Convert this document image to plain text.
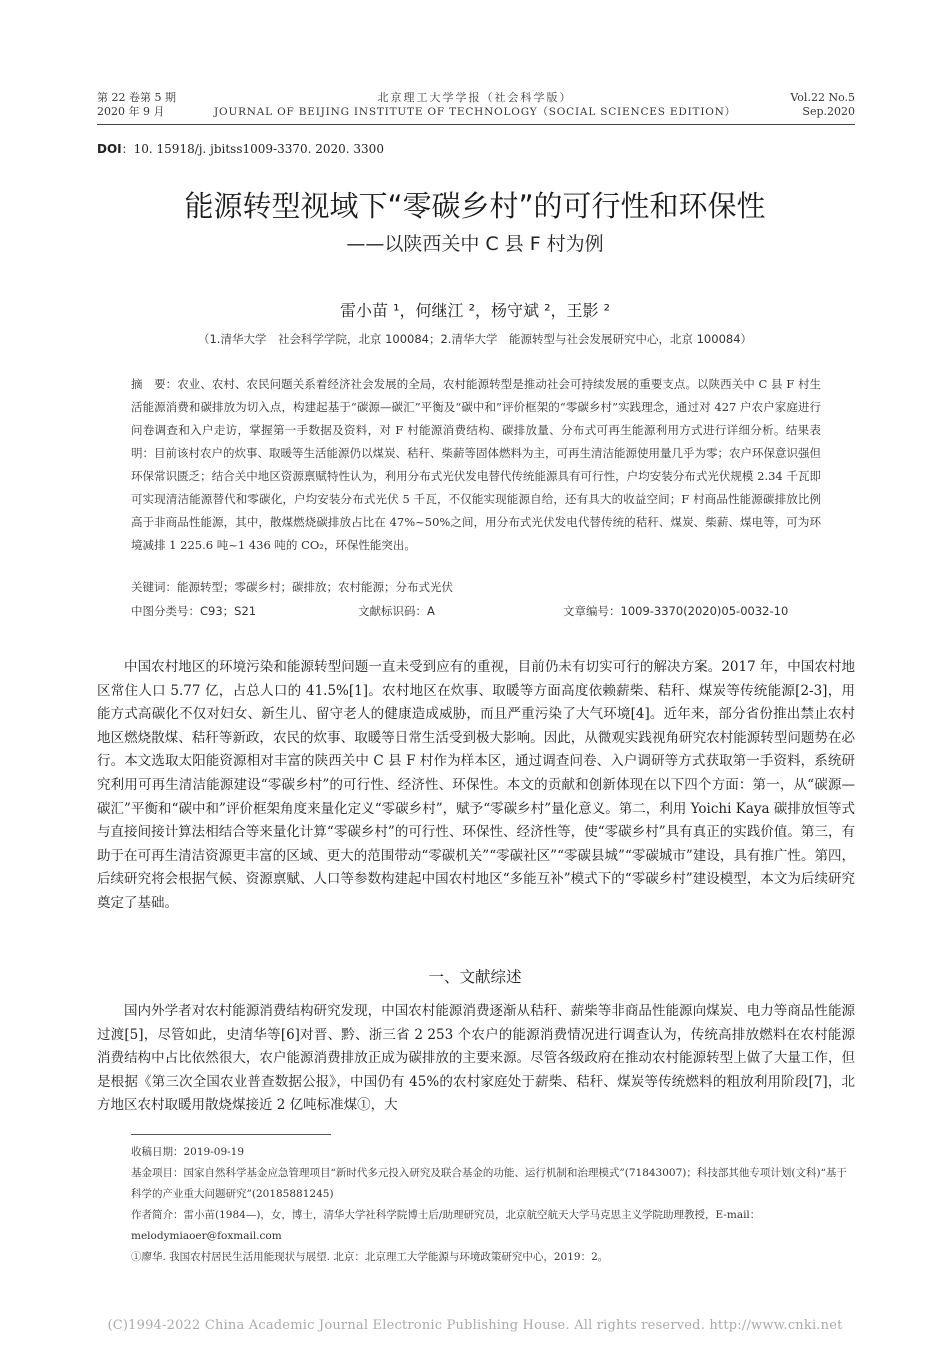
第 22 卷第 5 期
2020 年 9 月
北京理工大学学报（社会科学版）
JOURNAL OF BEIJING INSTITUTE OF TECHNOLOGY（SOCIAL SCIENCES EDITION）
Vol.22 No.5
Sep.2020
DOI：10. 15918/j. jbitss1009-3370. 2020. 3300
能源转型视域下“零碳乡村”的可行性和环保性
——以陕西关中 C 县 F 村为例
雷小苗 ¹，何继江 ²，杨守斌 ²，王影 ²
（1.清华大学　社会科学学院，北京 100084；2.清华大学　能源转型与社会发展研究中心，北京 100084）
摘　要：农业、农村、农民问题关系着经济社会发展的全局，农村能源转型是推动社会可持续发展的重要支点。以陕西关中 C 县 F 村生活能源消费和碳排放为切入点，构建起基于“碳源—碳汇”平衡及“碳中和”评价框架的“零碳乡村”实践理念，通过对 427 户农户家庭进行问卷调查和入户走访，掌握第一手数据及资料，对 F 村能源消费结构、碳排放量、分布式可再生能源利用方式进行详细分析。结果表明：目前该村农户的炊事、取暖等生活能源仍以煤炭、秸秆、柴薪等固体燃料为主，可再生清洁能源使用量几乎为零；农户环保意识强但环保常识匮乏；结合关中地区资源禀赋特性认为，利用分布式光伏发电替代传统能源具有可行性，户均安装分布式光伏规模 2.34 千瓦即可实现清洁能源替代和零碳化，户均安装分布式光伏 5 千瓦，不仅能实现能源自给，还有具大的收益空间；F 村商品性能源碳排放比例高于非商品性能源，其中，散煤燃烧碳排放占比在 47%~50%之间，用分布式光伏发电代替传统的秸秆、煤炭、柴薪、煤电等，可为环境减排 1 225.6 吨~1 436 吨的 CO₂，环保性能突出。
关键词：能源转型；零碳乡村；碳排放；农村能源；分布式光伏
中图分类号：C93；S21	文献标识码：A	文章编号：1009-3370(2020)05-0032-10

中国农村地区的环境污染和能源转型问题一直未受到应有的重视，目前仍未有切实可行的解决方案。2017 年，中国农村地区常住人口 5.77 亿，占总人口的 41.5%[1]。农村地区在炊事、取暖等方面高度依赖薪柴、秸秆、煤炭等传统能源[2-3]，用能方式高碳化不仅对妇女、新生儿、留守老人的健康造成威胁，而且严重污染了大气环境[4]。近年来，部分省份推出禁止农村地区燃烧散煤、秸秆等新政，农民的炊事、取暖等日常生活受到极大影响。因此，从微观实践视角研究农村能源转型问题势在必行。本文选取太阳能资源相对丰富的陕西关中 C 县 F 村作为样本区，通过调查问卷、入户调研等方式获取第一手资料，系统研究利用可再生清洁能源建设“零碳乡村”的可行性、经济性、环保性。本文的贡献和创新体现在以下四个方面：第一，从“碳源—碳汇”平衡和“碳中和”评价框架角度来量化定义“零碳乡村”，赋予“零碳乡村”量化意义。第二，利用 Yoichi Kaya 碳排放恒等式与直接间接计算法相结合等来量化计算“零碳乡村”的可行性、环保性、经济性等，使“零碳乡村”具有真正的实践价值。第三，有助于在可再生清洁资源更丰富的区域、更大的范围带动“零碳机关”“零碳社区”“零碳县城”“零碳城市”建设，具有推广性。第四，后续研究将会根据气候、资源禀赋、人口等参数构建起中国农村地区“多能互补”模式下的“零碳乡村”建设模型，本文为后续研究奠定了基础。

一、文献综述

国内外学者对农村能源消费结构研究发现，中国农村能源消费逐渐从秸秆、薪柴等非商品性能源向煤炭、电力等商品性能源过渡[5]，尽管如此，史清华等[6]对晋、黔、浙三省 2 253 个农户的能源消费情况进行调查认为，传统高排放燃料在农村能源消费结构中占比依然很大，农户能源消费排放正成为碳排放的主要来源。尽管各级政府在推动农村能源转型上做了大量工作，但是根据《第三次全国农业普查数据公报》，中国仍有 45%的农村家庭处于薪柴、秸秆、煤炭等传统燃料的粗放利用阶段[7]，北方地区农村取暖用散烧煤接近 2 亿吨标准煤①，大

收稿日期：2019-09-19
基金项目：国家自然科学基金应急管理项目“新时代多元投入研究及联合基金的功能、运行机制和治理模式”(71843007)；科技部其他专项计划(文科)“基于科学的产业重大问题研究”(20185881245)
作者简介：雷小苗(1984—)，女，博士，清华大学社科学院博士后/助理研究员，北京航空航天大学马克思主义学院助理教授，E-mail：melodymiaoer@foxmail.com
①廖华. 我国农村居民生活用能现状与展望. 北京：北京理工大学能源与环境政策研究中心，2019：2。
(C)1994-2022 China Academic Journal Electronic Publishing House. All rights reserved. http://www.cnki.net
